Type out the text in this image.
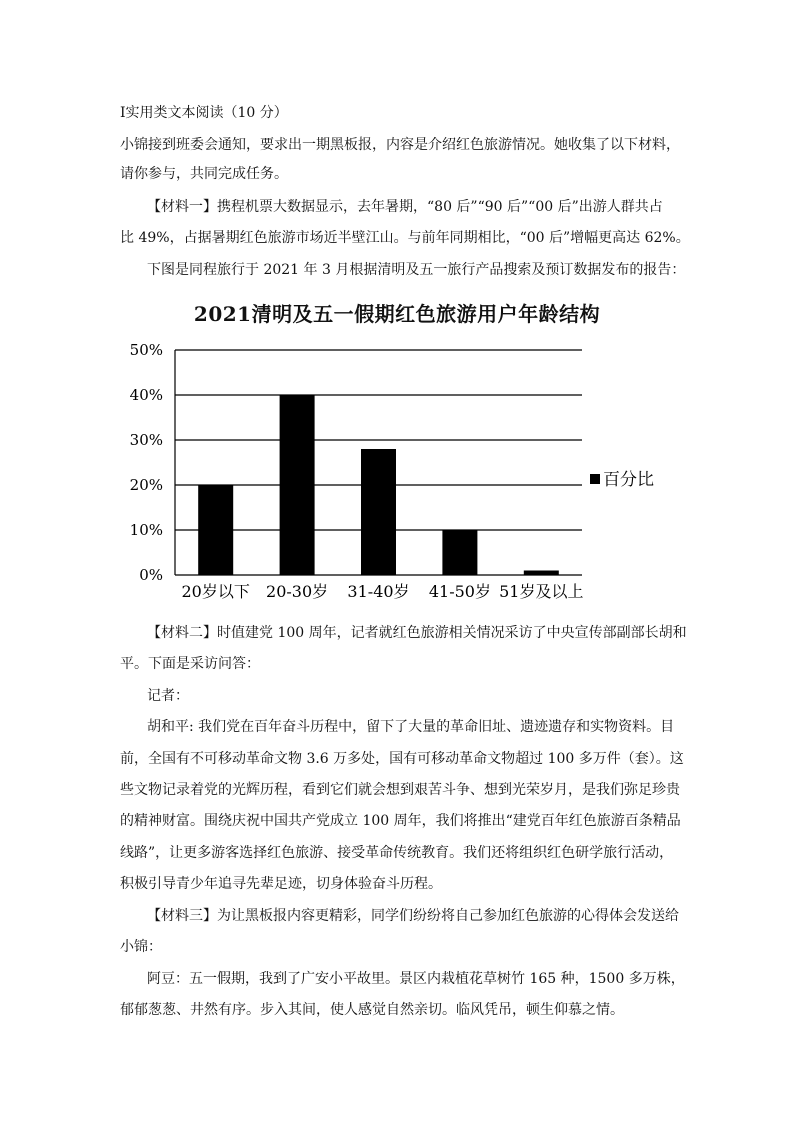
Ⅰ实用类文本阅读（10 分）
小锦接到班委会通知，要求出一期黑板报，内容是介绍红色旅游情况。她收集了以下材料，
请你参与，共同完成任务。
【材料一】携程机票大数据显示，去年暑期，“80 后”“90 后”“00 后”出游人群共占
比 49%，占据暑期红色旅游市场近半壁江山。与前年同期相比，“00 后”增幅更高达 62%。
下图是同程旅行于 2021 年 3 月根据清明及五一旅行产品搜索及预订数据发布的报告：
2021清明及五一假期红色旅游用户年龄结构
0%
10%
20%
30%
40%
50%
20岁以下 20-30岁 31-40岁 41-50岁 51岁及以上
百分比
【材料二】时值建党 100 周年，记者就红色旅游相关情况采访了中央宣传部副部长胡和
平。下面是采访问答：
记者：
胡和平: 我们党在百年奋斗历程中，留下了大量的革命旧址、遗迹遗存和实物资料。目
前，全国有不可移动革命文物 3.6 万多处，国有可移动革命文物超过 100 多万件（套）。这
些文物记录着党的光辉历程，看到它们就会想到艰苦斗争、想到光荣岁月，是我们弥足珍贵
的精神财富。围绕庆祝中国共产党成立 100 周年，我们将推出“建党百年红色旅游百条精品
线路”，让更多游客选择红色旅游、接受革命传统教育。我们还将组织红色研学旅行活动，
积极引导青少年追寻先辈足迹，切身体验奋斗历程。
【材料三】为让黑板报内容更精彩，同学们纷纷将自己参加红色旅游的心得体会发送给
小锦：
阿豆：五一假期，我到了广安小平故里。景区内栽植花草树竹 165 种，1500 多万株，
郁郁葱葱、井然有序。步入其间，使人感觉自然亲切。临风凭吊，顿生仰慕之情。
